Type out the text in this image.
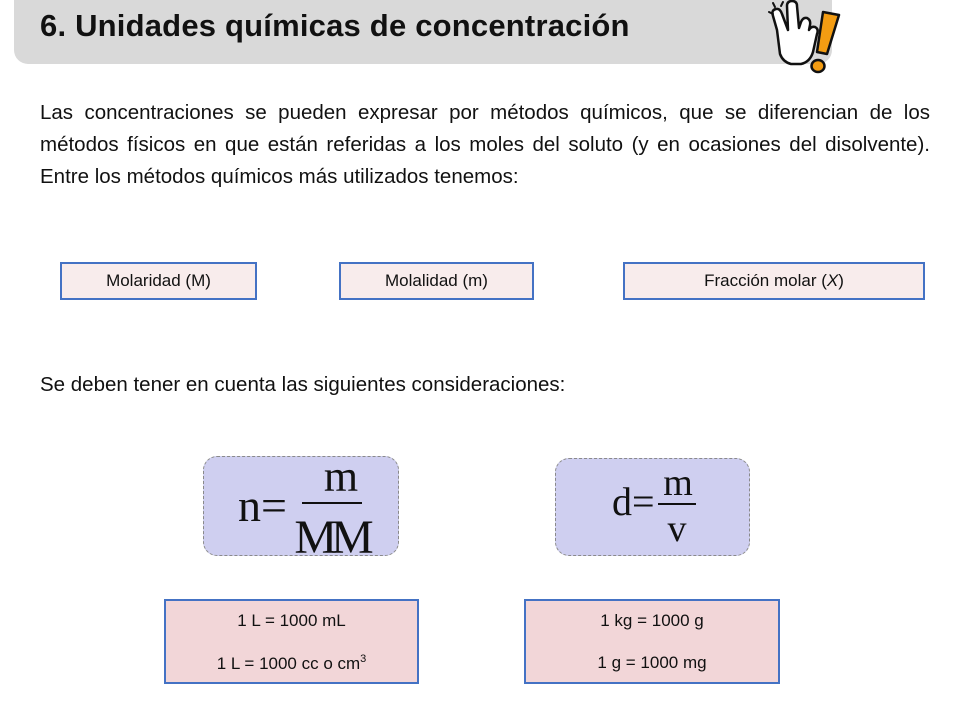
6. Unidades químicas de concentración
Las concentraciones se pueden expresar por métodos químicos, que se diferencian de los métodos físicos en que están referidas a los moles del soluto (y en ocasiones del disolvente). Entre los métodos químicos más utilizados tenemos:
Molaridad (M)	Molalidad (m)	Fracción molar ( X )
Se deben tener en cuenta las siguientes consideraciones:
n=
m
MM
d= m
v
1 L = 1000 mL
1 L = 1000 cc o $cm^3$
1 kg = 1000 g
1 g = 1000 mg
